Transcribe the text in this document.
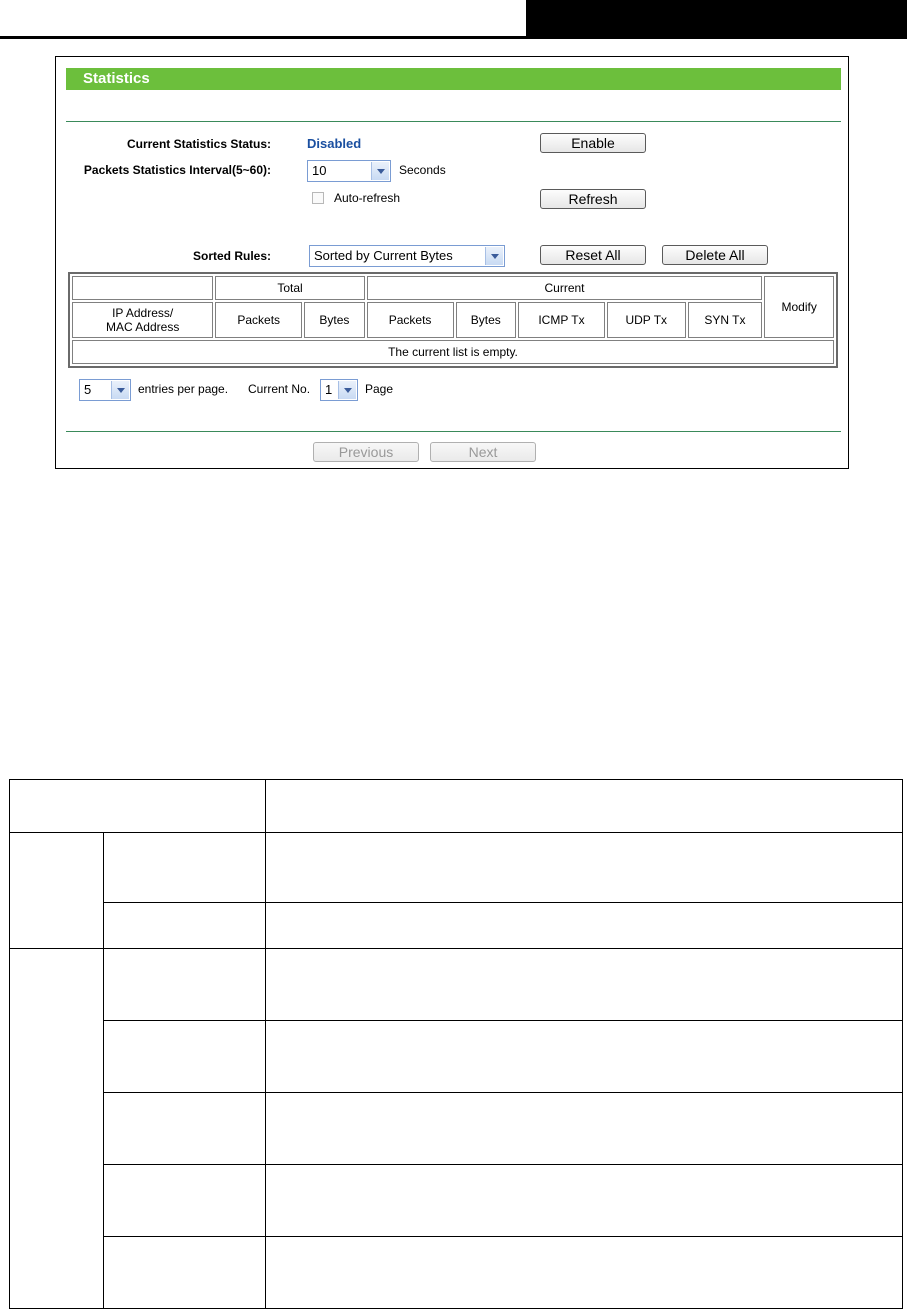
Statistics
Current Statistics Status:	Disabled	Enable
Packets Statistics Interval(5~60):	10	Seconds
Auto-refresh	Refresh
Sorted Rules:	Sorted by Current Bytes	Reset All	Delete All
	Total		Current					Modify

IP Address/
MAC Address	Packets	Bytes	Packets	Bytes	ICMP Tx	UDP Tx	SYN Tx	
The current list is empty.								
5	entries per page. Current No.	1	Page
Previous	Next
